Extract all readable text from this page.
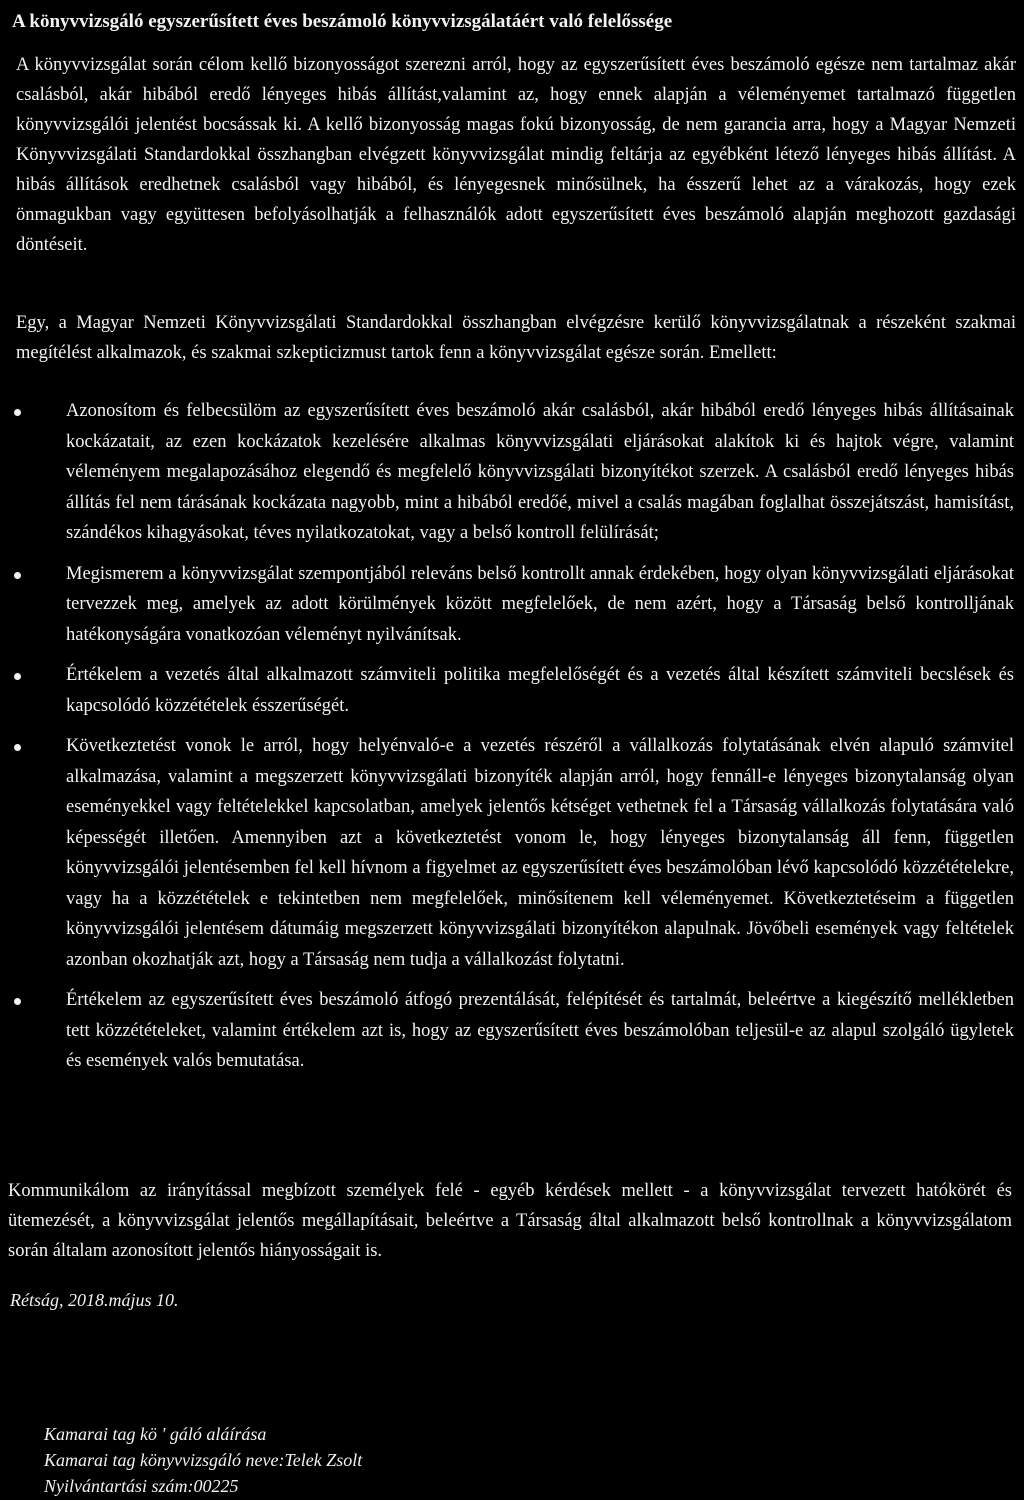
A könyvvizsgáló egyszerűsített éves beszámoló könyvvizsgálatáért való felelőssége

A könyvvizsgálat során célom kellő bizonyosságot szerezni arról, hogy az egyszerűsített éves beszámoló egésze nem tartalmaz akár csalásból, akár hibából eredő lényeges hibás állítást,valamint az, hogy ennek alapján a véleményemet tartalmazó független könyvvizsgálói jelentést bocsássak ki. A kellő bizonyosság magas fokú bizonyosság, de nem garancia arra, hogy a Magyar Nemzeti Könyvvizsgálati Standardokkal összhangban elvégzett könyvvizsgálat mindig feltárja az egyébként létező lényeges hibás állítást. A hibás állítások eredhetnek csalásból vagy hibából, és lényegesnek minősülnek, ha ésszerű lehet az a várakozás, hogy ezek önmagukban vagy együttesen befolyásolhatják a felhasználók adott egyszerűsített éves beszámoló alapján meghozott gazdasági döntéseit.

Egy, a Magyar Nemzeti Könyvvizsgálati Standardokkal összhangban elvégzésre kerülő könyvvizsgálatnak a részeként szakmai megítélést alkalmazok, és szakmai szkepticizmust tartok fenn a könyvvizsgálat egésze során. Emellett:

Azonosítom és felbecsülöm az egyszerűsített éves beszámoló akár csalásból, akár hibából eredő lényeges hibás állításainak kockázatait, az ezen kockázatok kezelésére alkalmas könyvvizsgálati eljárásokat alakítok ki és hajtok végre, valamint véleményem megalapozásához elegendő és megfelelő könyvvizsgálati bizonyítékot szerzek. A csalásból eredő lényeges hibás állítás fel nem tárásának kockázata nagyobb, mint a hibából eredőé, mivel a csalás magában foglalhat összejátszást, hamisítást, szándékos kihagyásokat, téves nyilatkozatokat, vagy a belső kontroll felülírását;
Megismerem a könyvvizsgálat szempontjából releváns belső kontrollt annak érdekében, hogy olyan könyvvizsgálati eljárásokat tervezzek meg, amelyek az adott körülmények között megfelelőek, de nem azért, hogy a Társaság belső kontrolljának hatékonyságára vonatkozóan véleményt nyilvánítsak.
Értékelem a vezetés által alkalmazott számviteli politika megfelelőségét és a vezetés által készített számviteli becslések és kapcsolódó közzétételek ésszerűségét.
Következtetést vonok le arról, hogy helyénvaló-e a vezetés részéről a vállalkozás folytatásának elvén alapuló számvitel alkalmazása, valamint a megszerzett könyvvizsgálati bizonyíték alapján arról, hogy fennáll-e lényeges bizonytalanság olyan eseményekkel vagy feltételekkel kapcsolatban, amelyek jelentős kétséget vethetnek fel a Társaság vállalkozás folytatására való képességét illetően. Amennyiben azt a következtetést vonom le, hogy lényeges bizonytalanság áll fenn, független könyvvizsgálói jelentésemben fel kell hívnom a figyelmet az egyszerűsített éves beszámolóban lévő kapcsolódó közzétételekre, vagy ha a közzétételek e tekintetben nem megfelelőek, minősítenem kell véleményemet. Következtetéseim a független könyvvizsgálói jelentésem dátumáig megszerzett könyvvizsgálati bizonyítékon alapulnak. Jövőbeli események vagy feltételek azonban okozhatják azt, hogy a Társaság nem tudja a vállalkozást folytatni.
Értékelem az egyszerűsített éves beszámoló átfogó prezentálását, felépítését és tartalmát, beleértve a kiegészítő mellékletben tett közzétételeket, valamint értékelem azt is, hogy az egyszerűsített éves beszámolóban teljesül-e az alapul szolgáló ügyletek és események valós bemutatása.

Kommunikálom az irányítással megbízott személyek felé - egyéb kérdések mellett - a könyvvizsgálat tervezett hatókörét és ütemezését, a könyvvizsgálat jelentős megállapításait, beleértve a Társaság által alkalmazott belső kontrollnak a könyvvizsgálatom során általam azonosított jelentős hiányosságait is.

Rétság, 2018.május 10.

Kamarai tag kö ' gáló aláírása

Kamarai tag könyvvizsgáló neve:Telek Zsolt

Nyilvántartási szám:00225
